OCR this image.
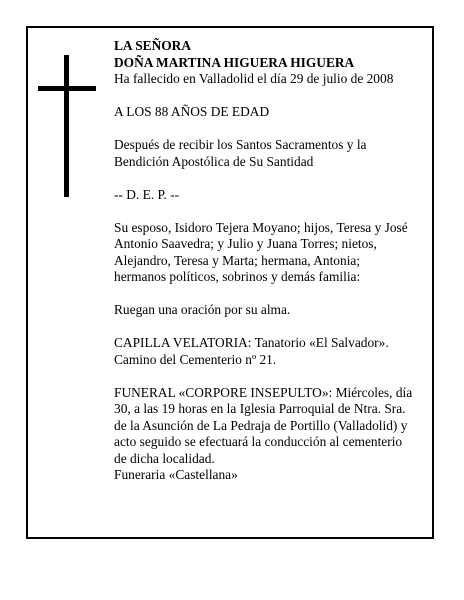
LA SEÑORA
DOÑA MARTINA HIGUERA HIGUERA

Ha fallecido en Valladolid el día 29 de julio de 2008

A LOS 88 AÑOS DE EDAD

Después de recibir los Santos Sacramentos y la
Bendición Apostólica de Su Santidad

-- D. E. P. --

Su esposo, Isidoro Tejera Moyano; hijos, Teresa y José
Antonio Saavedra; y Julio y Juana Torres; nietos,
Alejandro, Teresa y Marta; hermana, Antonia;
hermanos políticos, sobrinos y demás familia:

Ruegan una oración por su alma.

CAPILLA VELATORIA: Tanatorio «El Salvador».
Camino del Cementerio nº 21.

FUNERAL «CORPORE INSEPULTO»: Miércoles, día
30, a las 19 horas en la Iglesia Parroquial de Ntra. Sra.
de la Asunción de La Pedraja de Portillo (Valladolid) y
acto seguido se efectuará la conducción al cementerio
de dicha localidad.
Funeraria «Castellana»
